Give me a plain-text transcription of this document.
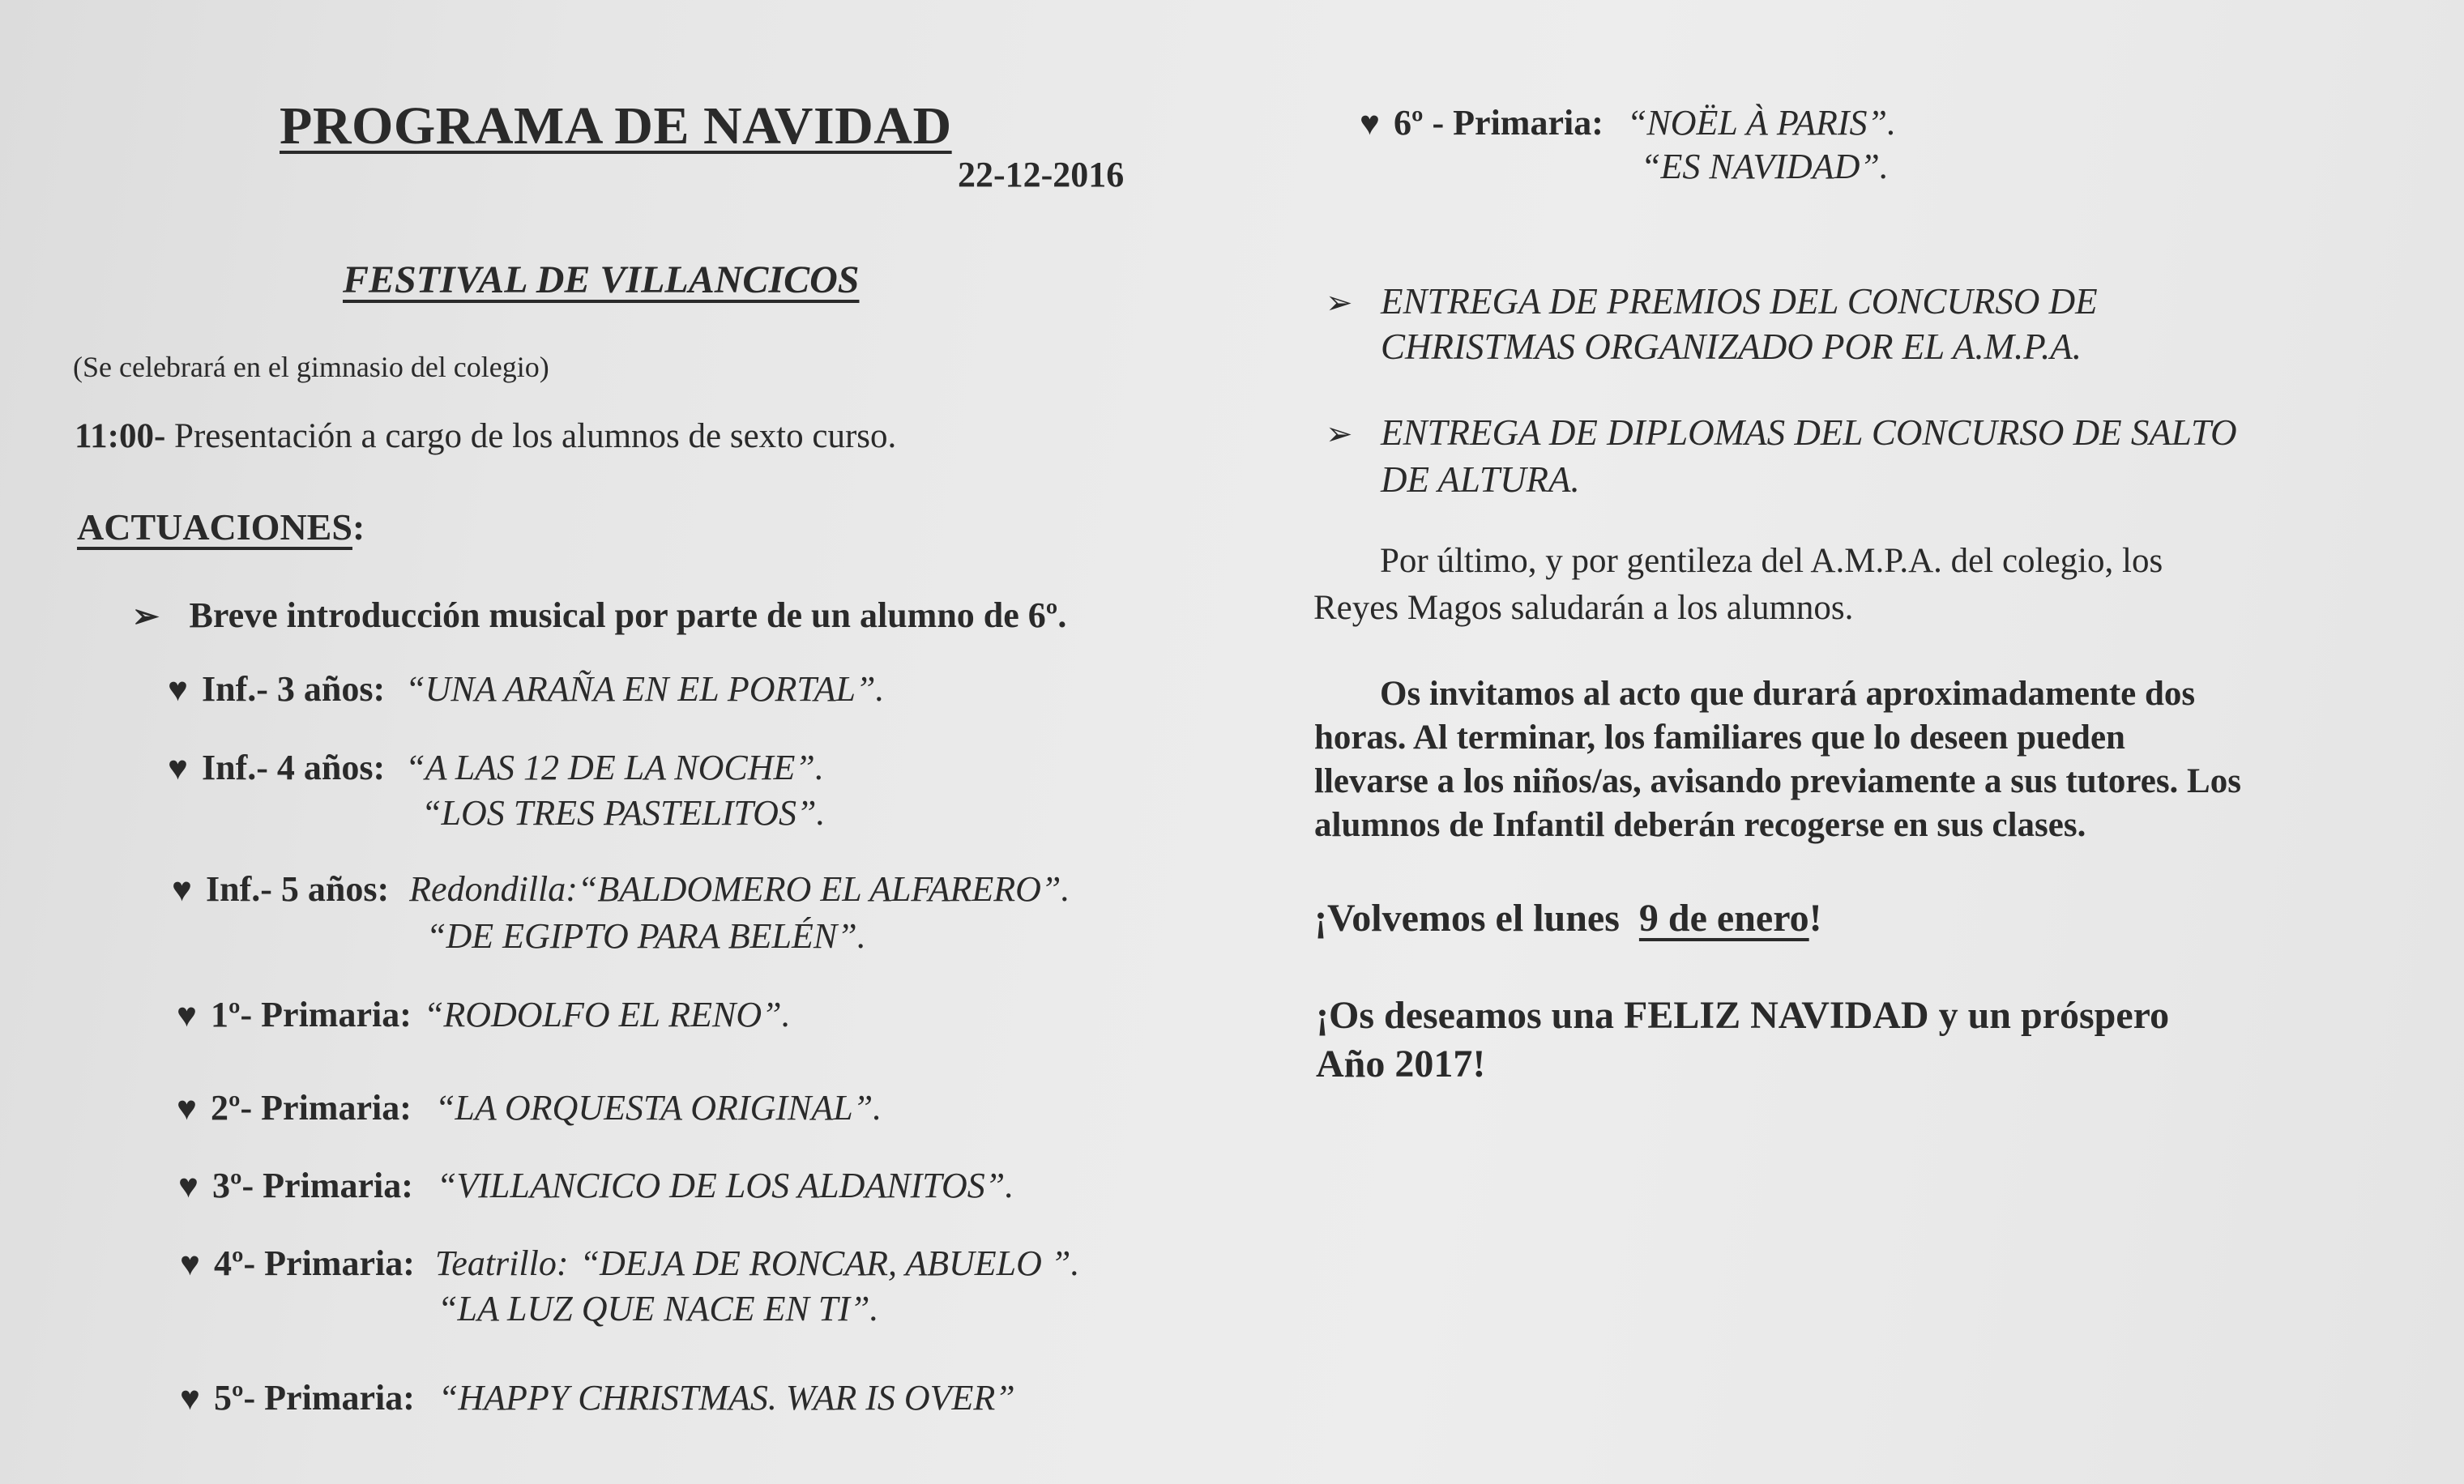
PROGRAMA DE NAVIDAD
22-12-2016
FESTIVAL DE VILLANCICOS
(Se celebrará en el gimnasio del colegio)
11:00- Presentación a cargo de los alumnos de sexto curso.
ACTUACIONES:
➢ Breve introducción musical por parte de un alumno de 6º.
♥ Inf.- 3 años: “UNA ARAÑA EN EL PORTAL”.
♥ Inf.- 4 años: “A LAS 12 DE LA NOCHE”.
“LOS TRES PASTELITOS”.
♥ Inf.- 5 años: Redondilla:“BALDOMERO EL ALFARERO”.
“DE EGIPTO PARA BELÉN”.
♥ 1º- Primaria: “RODOLFO EL RENO”.
♥ 2º- Primaria: “LA ORQUESTA ORIGINAL”.
♥ 3º- Primaria: “VILLANCICO DE LOS ALDANITOS”.
♥ 4º- Primaria: Teatrillo: “DEJA DE RONCAR, ABUELO ”.
“LA LUZ QUE NACE EN TI”.
♥ 5º- Primaria: “HAPPY CHRISTMAS. WAR IS OVER”
♥ 6º - Primaria: “NOËL À PARIS”.
“ES NAVIDAD”.
➢ ENTREGA DE PREMIOS DEL CONCURSO DE
CHRISTMAS ORGANIZADO POR EL A.M.P.A.
➢ ENTREGA DE DIPLOMAS DEL CONCURSO DE SALTO
DE ALTURA.
Por último, y por gentileza del A.M.P.A. del colegio, los
Reyes Magos saludarán a los alumnos.
Os invitamos al acto que durará aproximadamente dos
horas. Al terminar, los familiares que lo deseen pueden
llevarse a los niños/as, avisando previamente a sus tutores. Los
alumnos de Infantil deberán recogerse en sus clases.
¡Volvemos el lunes  9 de enero!
¡Os deseamos una FELIZ NAVIDAD y un próspero
Año 2017!
